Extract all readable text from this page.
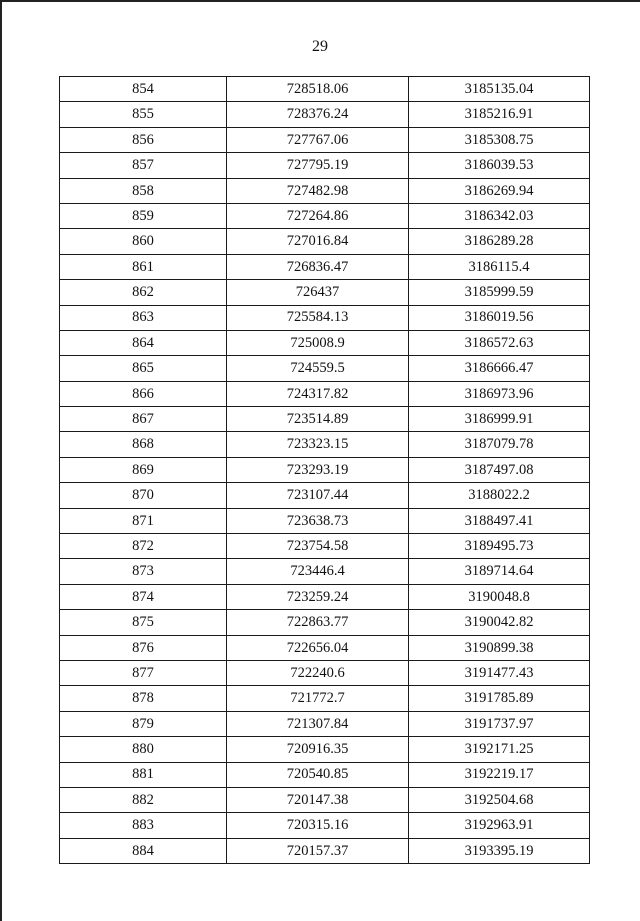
29
854	728518.06	3185135.04
855	728376.24	3185216.91
856	727767.06	3185308.75
857	727795.19	3186039.53
858	727482.98	3186269.94
859	727264.86	3186342.03
860	727016.84	3186289.28
861	726836.47	3186115.4
862	726437	3185999.59
863	725584.13	3186019.56
864	725008.9	3186572.63
865	724559.5	3186666.47
866	724317.82	3186973.96
867	723514.89	3186999.91
868	723323.15	3187079.78
869	723293.19	3187497.08
870	723107.44	3188022.2
871	723638.73	3188497.41
872	723754.58	3189495.73
873	723446.4	3189714.64
874	723259.24	3190048.8
875	722863.77	3190042.82
876	722656.04	3190899.38
877	722240.6	3191477.43
878	721772.7	3191785.89
879	721307.84	3191737.97
880	720916.35	3192171.25
881	720540.85	3192219.17
882	720147.38	3192504.68
883	720315.16	3192963.91
884	720157.37	3193395.19
